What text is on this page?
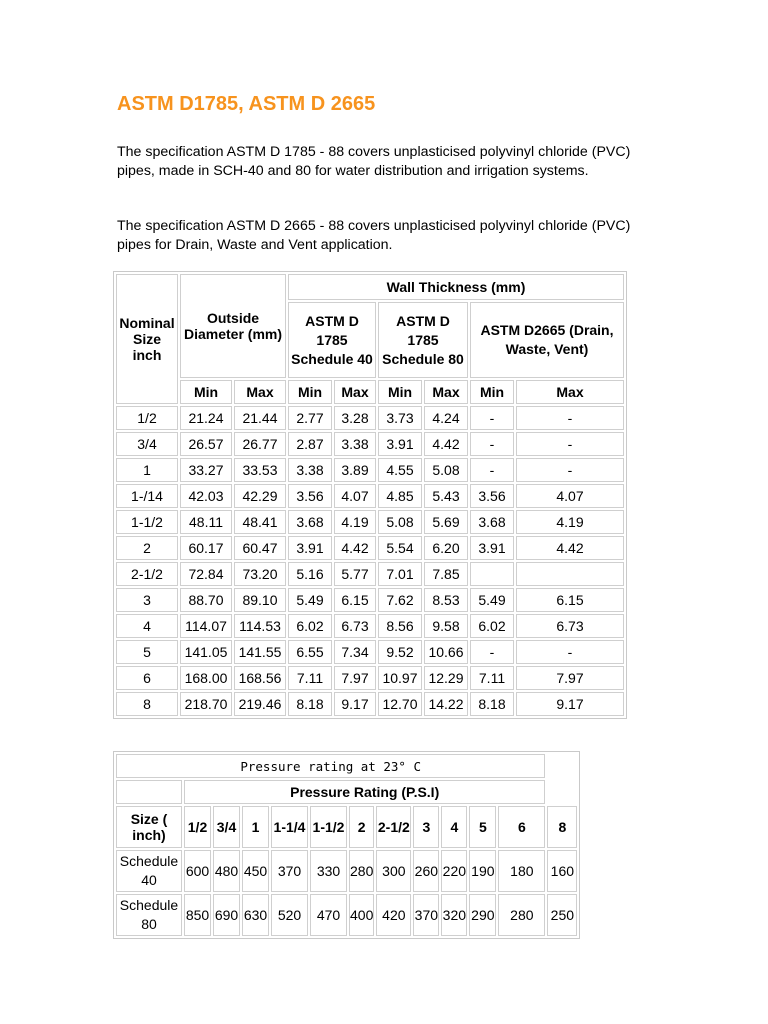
ASTM D1785, ASTM D 2665

The specification ASTM D 1785 - 88 covers unplasticised polyvinyl chloride (PVC) pipes, made in SCH-40 and 80 for water distribution and irrigation systems.

The specification ASTM D 2665 - 88 covers unplasticised polyvinyl chloride (PVC) pipes for Drain, Waste and Vent application.

Nominal Size inch	Outside Diameter (mm)		Wall Thickness (mm)					
			ASTM D 1785 Schedule 40		ASTM D 1785 Schedule 80		ASTM D2665 (Drain, Waste, Vent)	
	Min	Max	Min	Max	Min	Max	Min	Max
1/2	21.24	21.44	2.77	3.28	3.73	4.24	-	-
3/4	26.57	26.77	2.87	3.38	3.91	4.42	-	-
1	33.27	33.53	3.38	3.89	4.55	5.08	-	-
1-/14	42.03	42.29	3.56	4.07	4.85	5.43	3.56	4.07
1-1/2	48.11	48.41	3.68	4.19	5.08	5.69	3.68	4.19
2	60.17	60.47	3.91	4.42	5.54	6.20	3.91	4.42
2-1/2	72.84	73.20	5.16	5.77	7.01	7.85		
3	88.70	89.10	5.49	6.15	7.62	8.53	5.49	6.15
4	114.07	114.53	6.02	6.73	8.56	9.58	6.02	6.73
5	141.05	141.55	6.55	7.34	9.52	10.66	-	-
6	168.00	168.56	7.11	7.97	10.97	12.29	7.11	7.97
8	218.70	219.46	8.18	9.17	12.70	14.22	8.18	9.17
Pressure rating at 23° C												
	Pressure Rating (P.S.I)											
Size ( inch)	1/2	3/4	1	1-1/4	1-1/2	2	2-1/2	3	4	5	6	8
Schedule 40	600	480	450	370	330	280	300	260	220	190	180	160
Schedule 80	850	690	630	520	470	400	420	370	320	290	280	250
